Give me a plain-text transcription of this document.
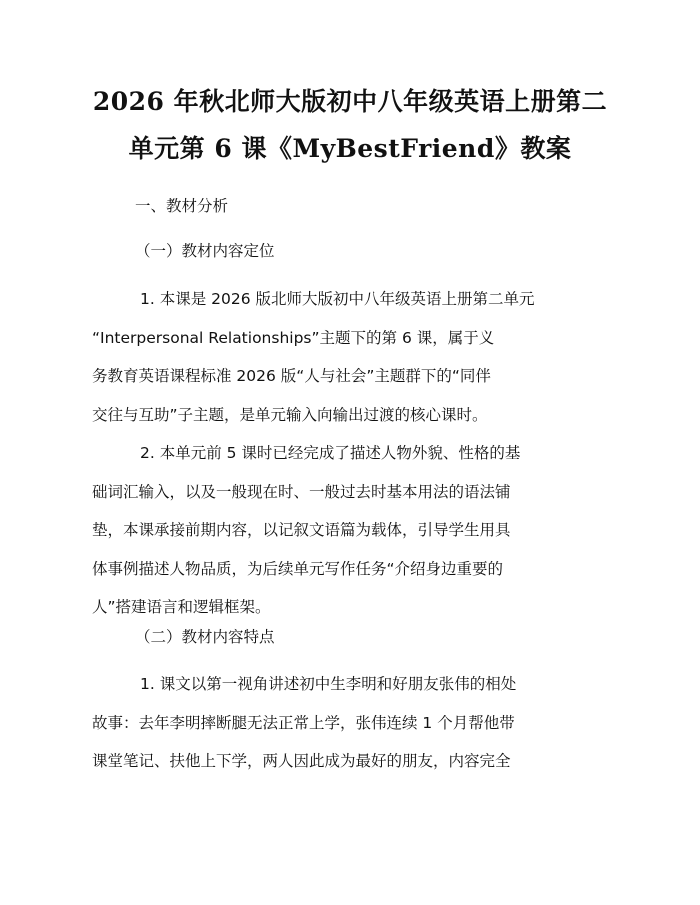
2026 年秋北师大版初中八年级英语上册第二
单元第 6 课《MyBestFriend》教案
一、教材分析
（一）教材内容定位
1. 本课是 2026 版北师大版初中八年级英语上册第二单元
“Interpersonal Relationships”主题下的第 6 课，属于义
务教育英语课程标准 2026 版“人与社会”主题群下的“同伴
交往与互助”子主题，是单元输入向输出过渡的核心课时。
2. 本单元前 5 课时已经完成了描述人物外貌、性格的基
础词汇输入，以及一般现在时、一般过去时基本用法的语法铺
垫，本课承接前期内容，以记叙文语篇为载体，引导学生用具
体事例描述人物品质，为后续单元写作任务“介绍身边重要的
人”搭建语言和逻辑框架。
（二）教材内容特点
1. 课文以第一视角讲述初中生李明和好朋友张伟的相处
故事：去年李明摔断腿无法正常上学，张伟连续 1 个月帮他带
课堂笔记、扶他上下学，两人因此成为最好的朋友，内容完全
